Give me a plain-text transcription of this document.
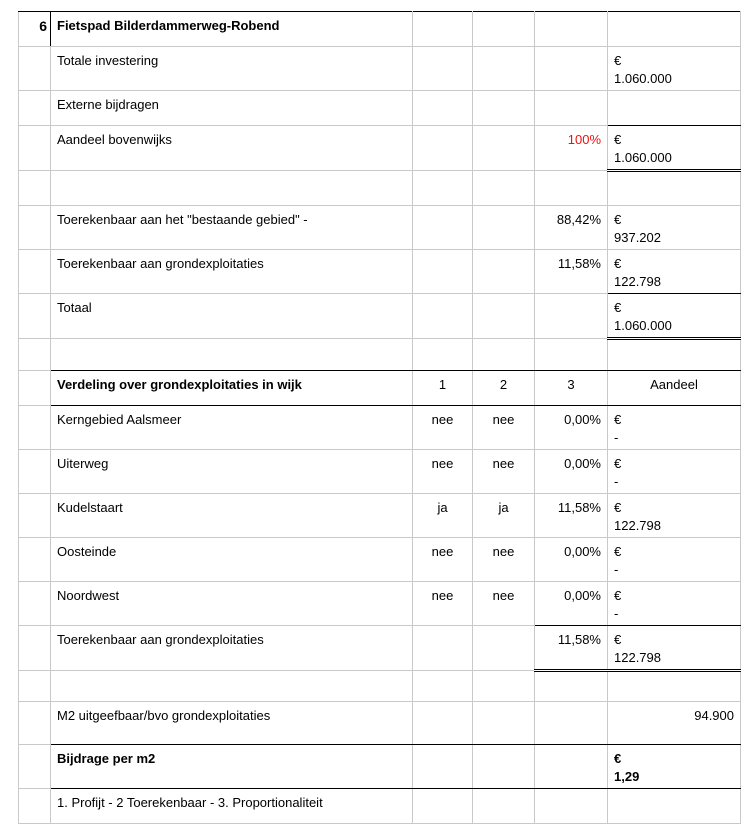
6	Fietspad Bilderdammerweg-Robend				
	Totale investering				€
1.060.000

	Externe bijdragen				
	Aandeel bovenwijks			100%	€
1.060.000

	Toerekenbaar aan het "bestaande gebied" -			88,42%	€
937.202

	Toerekenbaar aan grondexploitaties			11,58%	€
122.798

	Totaal				€
1.060.000

	Verdeling over grondexploitaties in wijk	1	2	3	Aandeel
	Kerngebied Aalsmeer	nee	nee	0,00%	€
-

	Uiterweg	nee	nee	0,00%	€
-

	Kudelstaart	ja	ja	11,58%	€
122.798

	Oosteinde	nee	nee	0,00%	€
-

	Noordwest	nee	nee	0,00%	€
-

	Toerekenbaar aan grondexploitaties			11,58%	€
122.798

	M2 uitgeefbaar/bvo grondexploitaties				94.900
	Bijdrage per m2				€
1,29

	1. Profijt - 2 Toerekenbaar - 3. Proportionaliteit				
